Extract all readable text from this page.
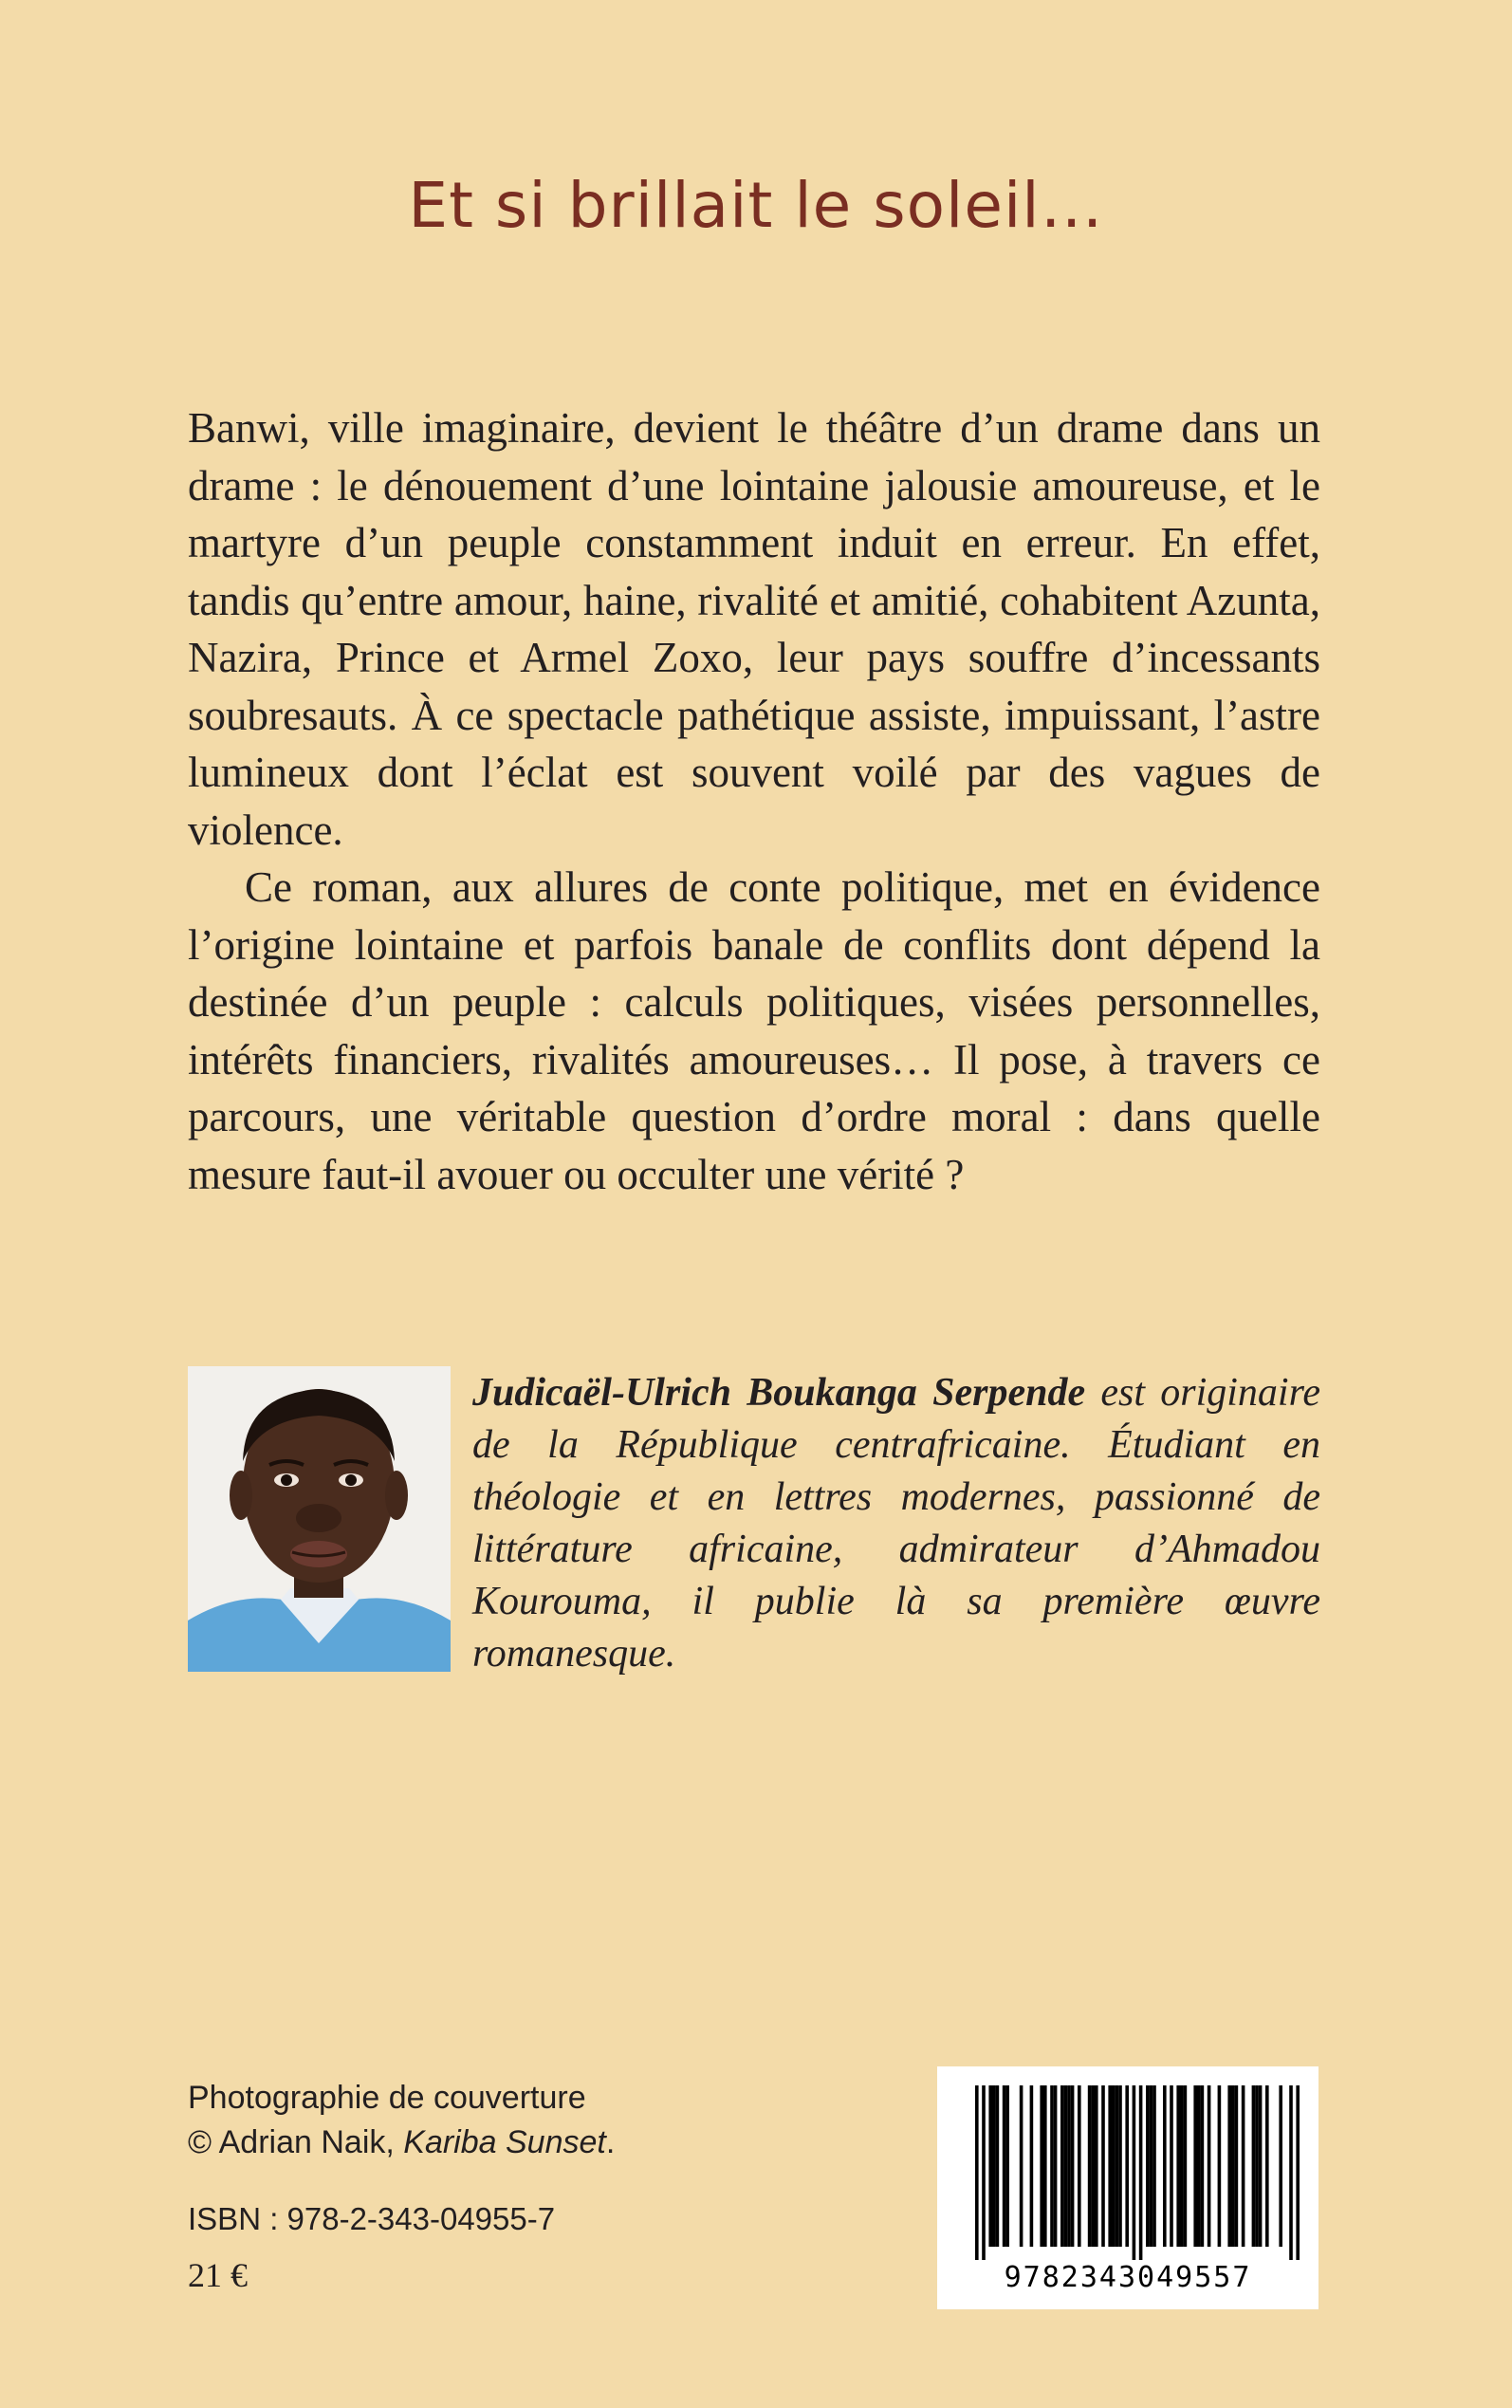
Et si brillait le soleil…

Banwi, ville imaginaire, devient le théâtre d’un drame dans un drame : le dénouement d’une lointaine jalousie amoureuse, et le martyre d’un peuple constamment induit en erreur. En effet, tandis qu’entre amour, haine, rivalité et amitié, cohabitent Azunta, Nazira, Prince et Armel Zoxo, leur pays souffre d’incessants soubresauts. À ce spectacle pathétique assiste, impuissant, l’astre lumineux dont l’éclat est souvent voilé par des vagues de violence.

Ce roman, aux allures de conte politique, met en évidence l’origine lointaine et parfois banale de conflits dont dépend la destinée d’un peuple : calculs politiques, visées personnelles, intérêts financiers, rivalités amoureuses… Il pose, à travers ce parcours, une véritable question d’ordre moral : dans quelle mesure faut-il avouer ou occulter une vérité ?

Judicaël-Ulrich Boukanga Serpende est originaire de la République centrafricaine. Étudiant en théologie et en lettres modernes, passionné de littérature africaine, admirateur d’Ahmadou Kourouma, il publie là sa première œuvre romanesque.
Photographie de couverture
© Adrian Naik, Kariba Sunset.
ISBN : 978-2-343-04955-7
21 €	9782343049557
